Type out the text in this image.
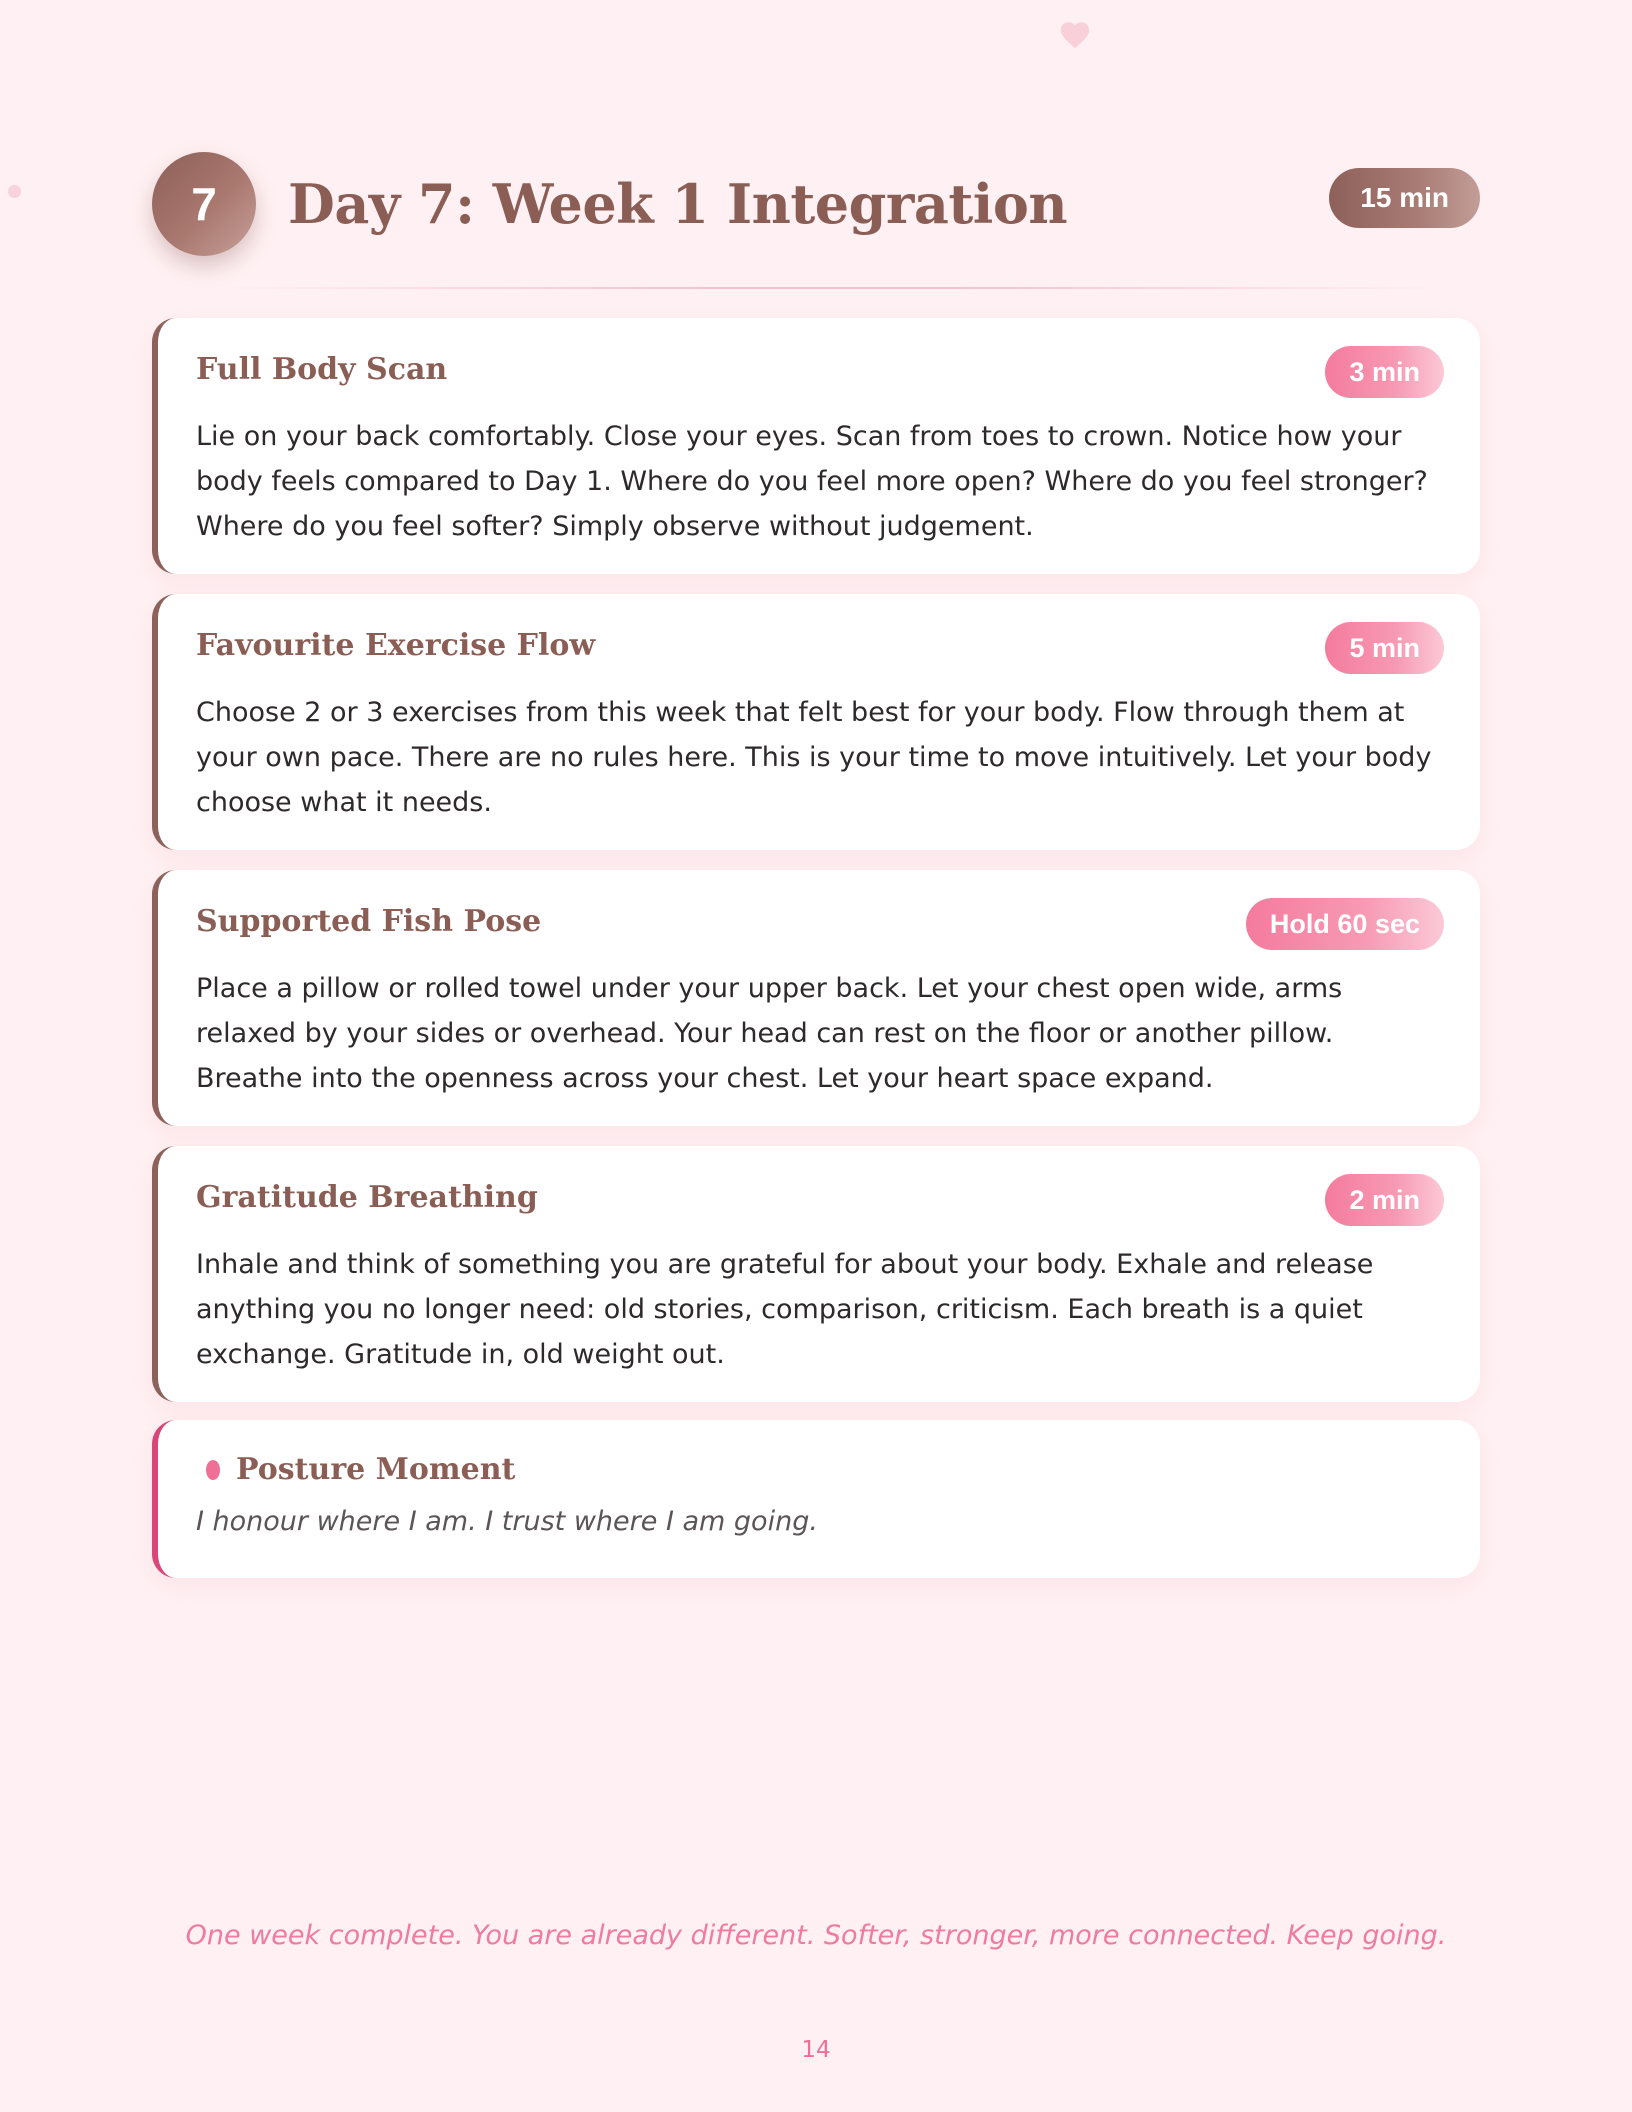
7	Day 7: Week 1 Integration	15 min
Full Body Scan	3 min

Lie on your back comfortably. Close your eyes. Scan from toes to crown. Notice how your body feels compared to Day 1. Where do you feel more open? Where do you feel stronger? Where do you feel softer? Simply observe without judgement.

Favourite Exercise Flow	5 min

Choose 2 or 3 exercises from this week that felt best for your body. Flow through them at your own pace. There are no rules here. This is your time to move intuitively. Let your body choose what it needs.

Supported Fish Pose	Hold 60 sec

Place a pillow or rolled towel under your upper back. Let your chest open wide, arms relaxed by your sides or overhead. Your head can rest on the floor or another pillow. Breathe into the openness across your chest. Let your heart space expand.

Gratitude Breathing	2 min

Inhale and think of something you are grateful for about your body. Exhale and release anything you no longer need: old stories, comparison, criticism. Each breath is a quiet exchange. Gratitude in, old weight out.

Posture Moment

I honour where I am. I trust where I am going.

One week complete. You are already different. Softer, stronger, more connected. Keep going.

14
